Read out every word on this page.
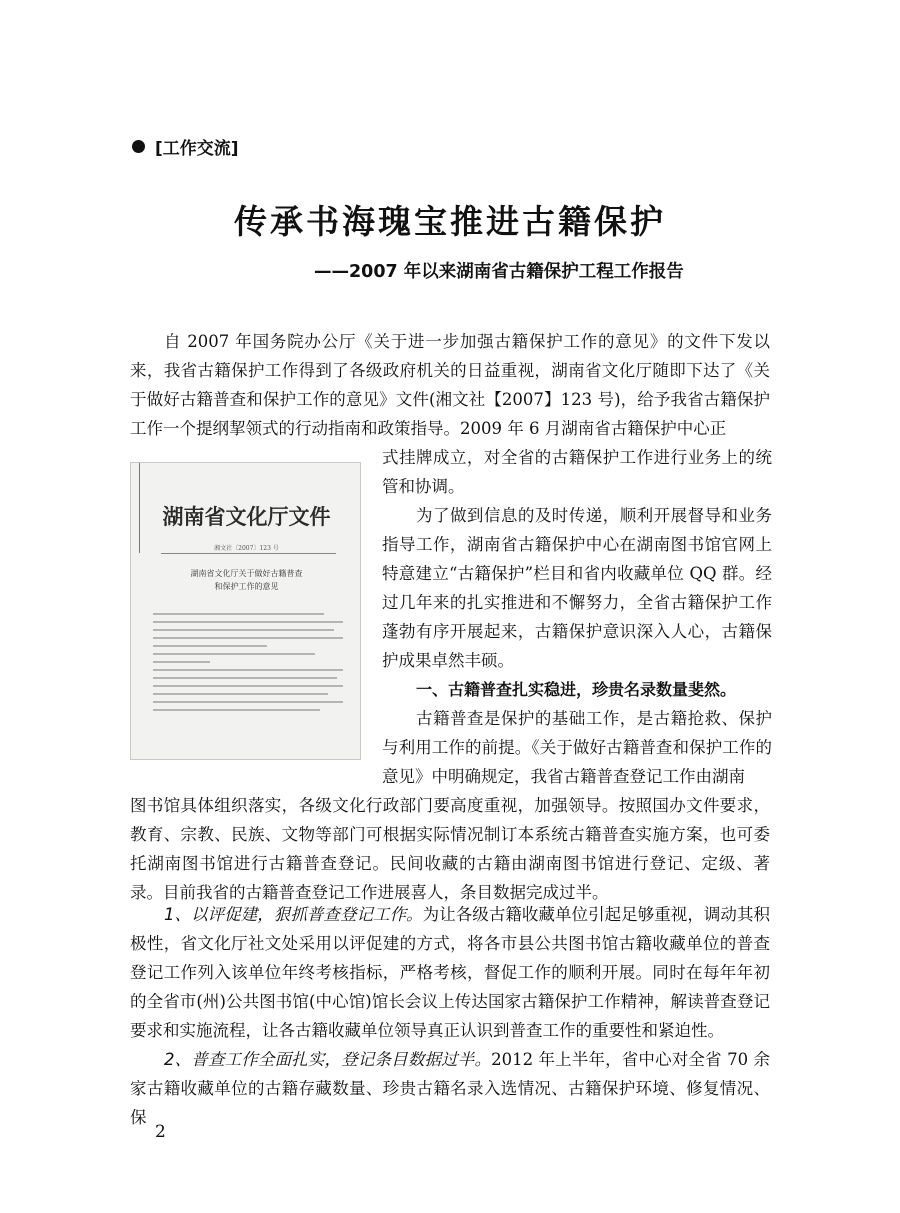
[工作交流]
传承书海瑰宝推进古籍保护
——2007 年以来湖南省古籍保护工程工作报告

自 2007 年国务院办公厅《关于进一步加强古籍保护工作的意见》的文件下发以来，我省古籍保护工作得到了各级政府机关的日益重视，湖南省文化厅随即下达了《关于做好古籍普查和保护工作的意见》文件(湘文社【2007】123 号)，给予我省古籍保护工作一个提纲挈领式的行动指南和政策指导。2009 年 6 月湖南省古籍保护中心正

湖南省文化厅文件
湘文社〔2007〕123 号
湖南省文化厅关于做好古籍普查
和保护工作的意见

式挂牌成立，对全省的古籍保护工作进行业务上的统管和协调。

为了做到信息的及时传递，顺利开展督导和业务指导工作，湖南省古籍保护中心在湖南图书馆官网上特意建立“古籍保护”栏目和省内收藏单位 QQ 群。经过几年来的扎实推进和不懈努力，全省古籍保护工作蓬勃有序开展起来，古籍保护意识深入人心，古籍保护成果卓然丰硕。

一、古籍普查扎实稳进，珍贵名录数量斐然。

古籍普查是保护的基础工作，是古籍抢救、保护与利用工作的前提。《关于做好古籍普查和保护工作的意见》中明确规定，我省古籍普查登记工作由湖南

图书馆具体组织落实，各级文化行政部门要高度重视，加强领导。按照国办文件要求，教育、宗教、民族、文物等部门可根据实际情况制订本系统古籍普查实施方案，也可委托湖南图书馆进行古籍普查登记。民间收藏的古籍由湖南图书馆进行登记、定级、著录。目前我省的古籍普查登记工作进展喜人，条目数据完成过半。

1、以评促建，狠抓普查登记工作。为让各级古籍收藏单位引起足够重视，调动其积极性，省文化厅社文处采用以评促建的方式，将各市县公共图书馆古籍收藏单位的普查登记工作列入该单位年终考核指标，严格考核，督促工作的顺利开展。同时在每年年初的全省市(州)公共图书馆(中心馆)馆长会议上传达国家古籍保护工作精神，解读普查登记要求和实施流程，让各古籍收藏单位领导真正认识到普查工作的重要性和紧迫性。

2、普查工作全面扎实，登记条目数据过半。2012 年上半年，省中心对全省 70 余家古籍收藏单位的古籍存藏数量、珍贵古籍名录入选情况、古籍保护环境、修复情况、保

2
